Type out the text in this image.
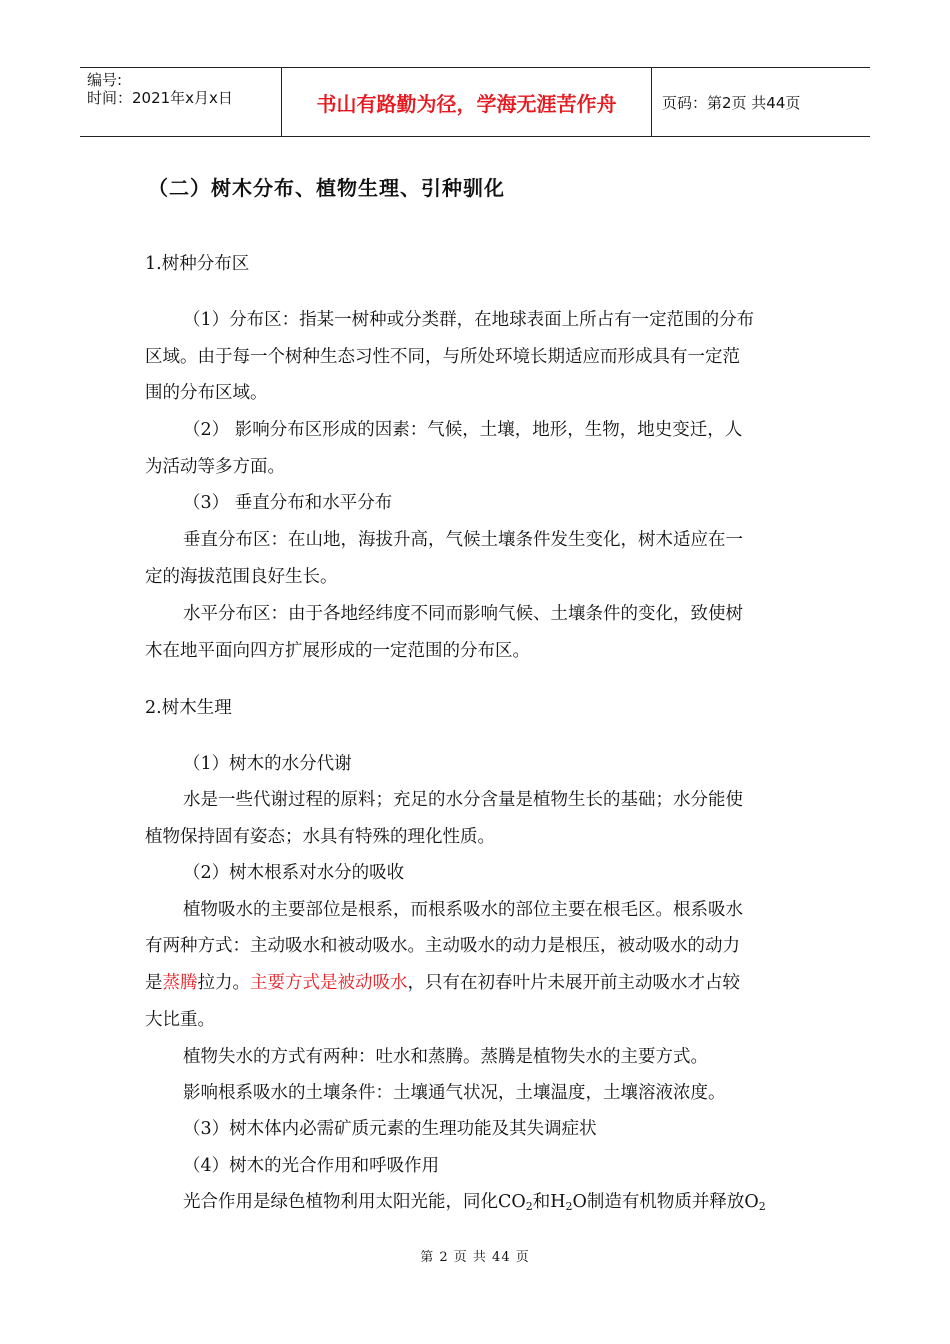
编号:
时间：2021年x月x日	书山有路勤为径，学海无涯苦作舟	页码：第2页 共44页
（二）树木分布、植物生理、引种驯化
1.树种分布区
（1）分布区：指某一树种或分类群，在地球表面上所占有一定范围的分布
区域。由于每一个树种生态习性不同，与所处环境长期适应而形成具有一定范
围的分布区域。
（2） 影响分布区形成的因素：气候，土壤，地形，生物，地史变迁，人
为活动等多方面。
（3） 垂直分布和水平分布
垂直分布区：在山地，海拔升高，气候土壤条件发生变化，树木适应在一
定的海拔范围良好生长。
水平分布区：由于各地经纬度不同而影响气候、土壤条件的变化，致使树
木在地平面向四方扩展形成的一定范围的分布区。
2.树木生理
（1）树木的水分代谢
水是一些代谢过程的原料；充足的水分含量是植物生长的基础；水分能使
植物保持固有姿态；水具有特殊的理化性质。
（2）树木根系对水分的吸收
植物吸水的主要部位是根系，而根系吸水的部位主要在根毛区。根系吸水
有两种方式：主动吸水和被动吸水。主动吸水的动力是根压，被动吸水的动力
是蒸腾拉力。主要方式是被动吸水，只有在初春叶片未展开前主动吸水才占较
大比重。
植物失水的方式有两种：吐水和蒸腾。蒸腾是植物失水的主要方式。
影响根系吸水的土壤条件：土壤通气状况，土壤温度，土壤溶液浓度。
（3）树木体内必需矿质元素的生理功能及其失调症状
（4）树木的光合作用和呼吸作用
光合作用是绿色植物利用太阳光能，同化$CO_2$和$H_2O$制造有机物质并释放$O_2$
第 2 页 共 44 页
